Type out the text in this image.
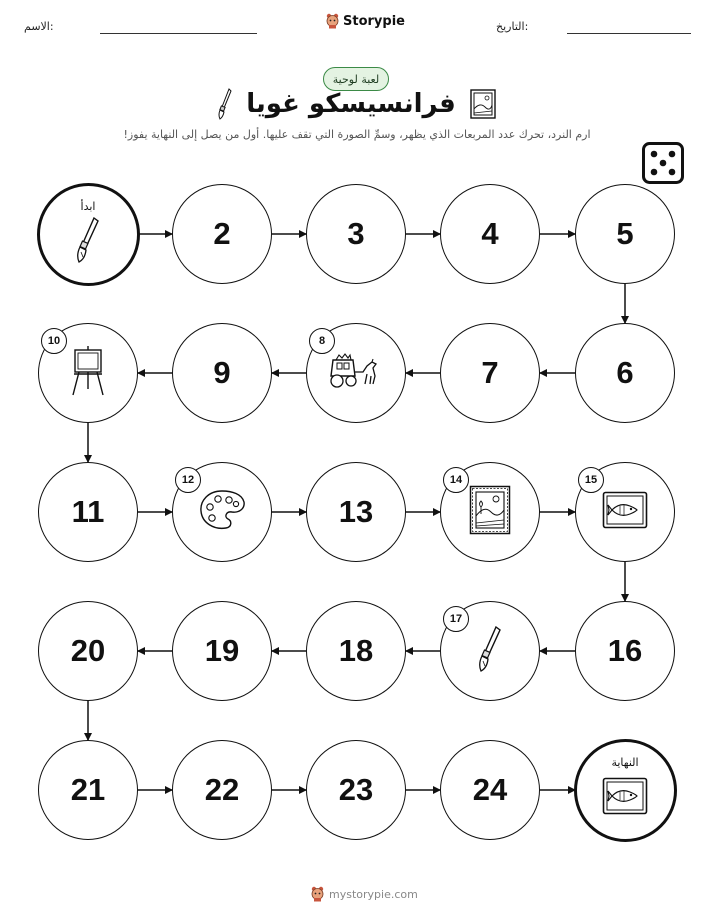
الاسم:	التاريخ:
Storypie
لعبة لوحية
فرانسيسكو غويا
ارم النرد، تحرك عدد المربعات الذي يظهر، وسمِّ الصورة التي تقف عليها. أول من يصل إلى النهاية يفوز!
ابدأ
2	3	4	5
6
7
8
9
10
11
12
13
14	15
16
17
18
19
20
21	22	23	24
النهاية
mystorypie.com
